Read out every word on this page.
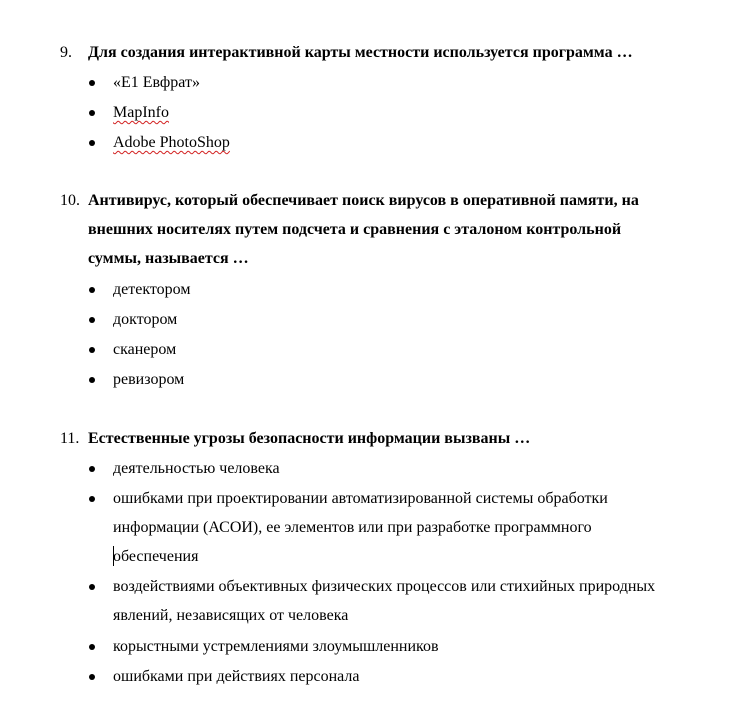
9. Для создания интерактивной карты местности используется программа …
«Е1 Евфрат»
MapInfo
Adobe PhotoShop
10. Антивирус, который обеспечивает поиск вирусов в оперативной памяти, на
внешних носителях путем подсчета и сравнения с эталоном контрольной
суммы, называется …
детектором
доктором
сканером
ревизором
11. Естественные угрозы безопасности информации вызваны …
деятельностью человека
ошибками при проектировании автоматизированной системы обработки
информации (АСОИ), ее элементов или при разработке программного
обеспечения
воздействиями объективных физических процессов или стихийных природных
явлений, независящих от человека
корыстными устремлениями злоумышленников
ошибками при действиях персонала
